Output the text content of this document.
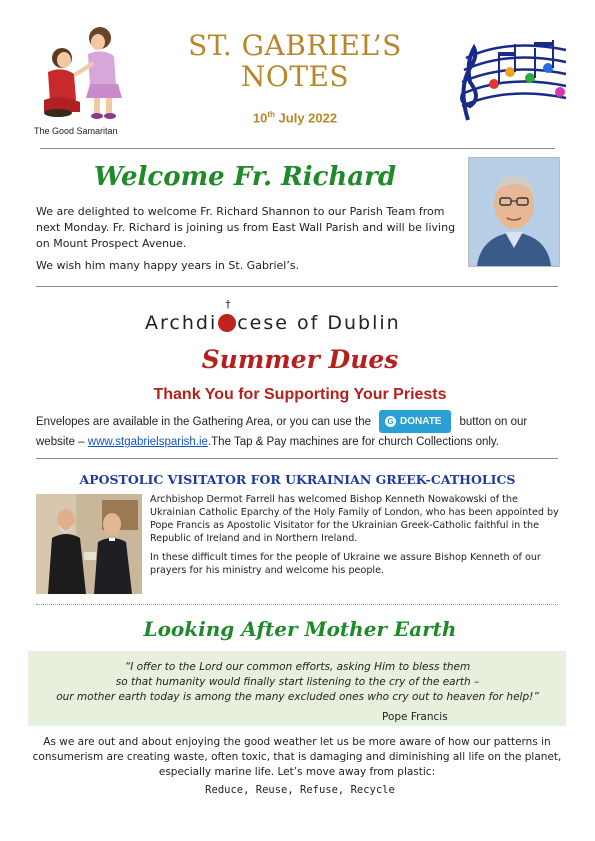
The Good Samaritan
ST. GABRIEL’S
NOTES
10th July 2022
Welcome Fr. Richard
We are delighted to welcome Fr. Richard Shannon to our Parish Team from next Monday. Fr. Richard is joining us from East Wall Parish and will be living on Mount Prospect Avenue.
We wish him many happy years in St. Gabriel’s.
Archdi
†
cese of Dublin
Summer Dues
Thank You for Supporting Your Priests
Envelopes are available in the Gathering Area, or you can use the G DONATE button on our website – www.stgabrielsparish.ie.The Tap & Pay machines are for church Collections only.
APOSTOLIC VISITATOR FOR UKRAINIAN GREEK-CATHOLICS
Archbishop Dermot Farrell has welcomed Bishop Kenneth Nowakowski of the Ukrainian Catholic Eparchy of the Holy Family of London, who has been appointed by Pope Francis as Apostolic Visitator for the Ukrainian Greek-Catholic faithful in the Republic of Ireland and in Northern Ireland.
In these difficult times for the people of Ukraine we assure Bishop Kenneth of our prayers for his ministry and welcome his people.
Looking After Mother Earth
“I offer to the Lord our common efforts, asking Him to bless them
so that humanity would finally start listening to the cry of the earth –
our mother earth today is among the many excluded ones who cry out to heaven for help!”
Pope Francis
As we are out and about enjoying the good weather let us be more aware of how our patterns in consumerism are creating waste, often toxic, that is damaging and diminishing all life on the planet, especially marine life. Let’s move away from plastic:
Reduce, Reuse, Refuse, Recycle
